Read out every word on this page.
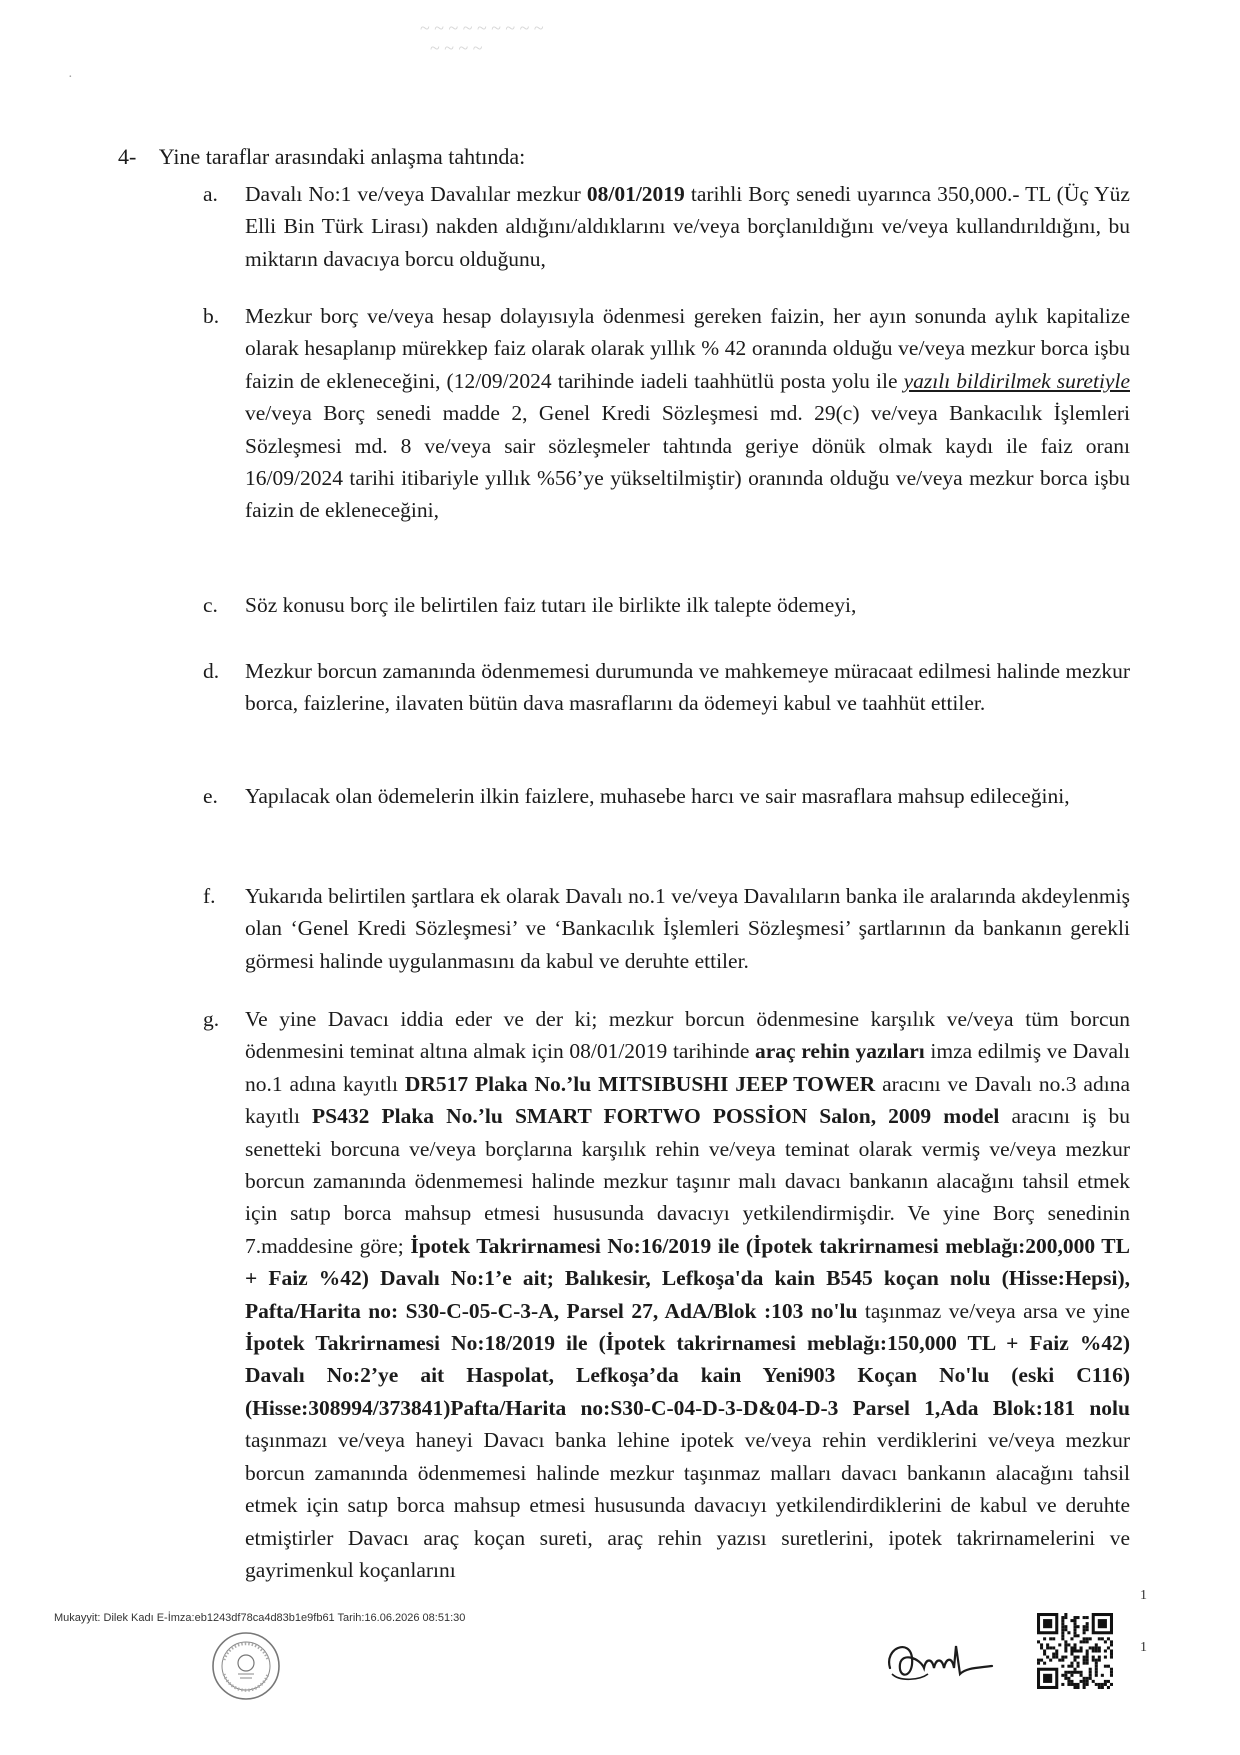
~ ~ ~ ~ ~ ~ ~ ~ ~
~ ~ ~ ~
·
4- Yine taraflar arasındaki anlaşma tahtında:
a. Davalı No:1 ve/veya Davalılar mezkur 08/01/2019 tarihli Borç senedi uyarınca 350,000.- TL (Üç Yüz Elli Bin Türk Lirası) nakden aldığını/aldıklarını ve/veya borçlanıldığını ve/veya kullandırıldığını, bu miktarın davacıya borcu olduğunu,
b. Mezkur borç ve/veya hesap dolayısıyla ödenmesi gereken faizin, her ayın sonunda aylık kapitalize olarak hesaplanıp mürekkep faiz olarak olarak yıllık % 42 oranında olduğu ve/veya mezkur borca işbu faizin de ekleneceğini, (12/09/2024 tarihinde iadeli taahhütlü posta yolu ile yazılı bildirilmek suretiyle ve/veya Borç senedi madde 2, Genel Kredi Sözleşmesi md. 29(c) ve/veya Bankacılık İşlemleri Sözleşmesi md. 8 ve/veya sair sözleşmeler tahtında geriye dönük olmak kaydı ile faiz oranı 16/09/2024 tarihi itibariyle yıllık %56’ye yükseltilmiştir) oranında olduğu ve/veya mezkur borca işbu faizin de ekleneceğini,
c. Söz konusu borç ile belirtilen faiz tutarı ile birlikte ilk talepte ödemeyi,
d. Mezkur borcun zamanında ödenmemesi durumunda ve mahkemeye müracaat edilmesi halinde mezkur borca, faizlerine, ilavaten bütün dava masraflarını da ödemeyi kabul ve taahhüt ettiler.
e. Yapılacak olan ödemelerin ilkin faizlere, muhasebe harcı ve sair masraflara mahsup edileceğini,
f. Yukarıda belirtilen şartlara ek olarak Davalı no.1 ve/veya Davalıların banka ile aralarında akdeylenmiş olan ‘Genel Kredi Sözleşmesi’ ve ‘Bankacılık İşlemleri Sözleşmesi’ şartlarının da bankanın gerekli görmesi halinde uygulanmasını da kabul ve deruhte ettiler.
g. Ve yine Davacı iddia eder ve der ki; mezkur borcun ödenmesine karşılık ve/veya tüm borcun ödenmesini teminat altına almak için 08/01/2019 tarihinde araç rehin yazıları imza edilmiş ve Davalı no.1 adına kayıtlı DR517 Plaka No.’lu MITSIBUSHI JEEP TOWER aracını ve Davalı no.3 adına kayıtlı PS432 Plaka No.’lu SMART FORTWO POSSİON Salon, 2009 model aracını iş bu senetteki borcuna ve/veya borçlarına karşılık rehin ve/veya teminat olarak vermiş ve/veya mezkur borcun zamanında ödenmemesi halinde mezkur taşınır malı davacı bankanın alacağını tahsil etmek için satıp borca mahsup etmesi hususunda davacıyı yetkilendirmişdir. Ve yine Borç senedinin 7.maddesine göre; İpotek Takrirnamesi No:16/2019 ile (İpotek takrirnamesi meblağı:200,000 TL + Faiz %42) Davalı No:1’e ait; Balıkesir, Lefkoşa'da kain B545 koçan nolu (Hisse:Hepsi), Pafta/Harita no: S30-C-05-C-3-A, Parsel 27, AdA/Blok :103 no'lu taşınmaz ve/veya arsa ve yine İpotek Takrirnamesi No:18/2019 ile (İpotek takrirnamesi meblağı:150,000 TL + Faiz %42) Davalı No:2’ye ait Haspolat, Lefkoşa’da kain Yeni903 Koçan No'lu (eski C116) (Hisse:308994/373841)Pafta/Harita no:S30-C-04-D-3-D&04-D-3 Parsel 1,Ada Blok:181 nolu taşınmazı ve/veya haneyi Davacı banka lehine ipotek ve/veya rehin verdiklerini ve/veya mezkur borcun zamanında ödenmemesi halinde mezkur taşınmaz malları davacı bankanın alacağını tahsil etmek için satıp borca mahsup etmesi hususunda davacıyı yetkilendirdiklerini de kabul ve deruhte etmiştirler Davacı araç koçan sureti, araç rehin yazısı suretlerini, ipotek takrirnamelerini ve gayrimenkul koçanlarını
1
1
Mukayyit: Dilek Kadı E-İmza:eb1243df78ca4d83b1e9fb61 Tarih:16.06.2026 08:51:30
